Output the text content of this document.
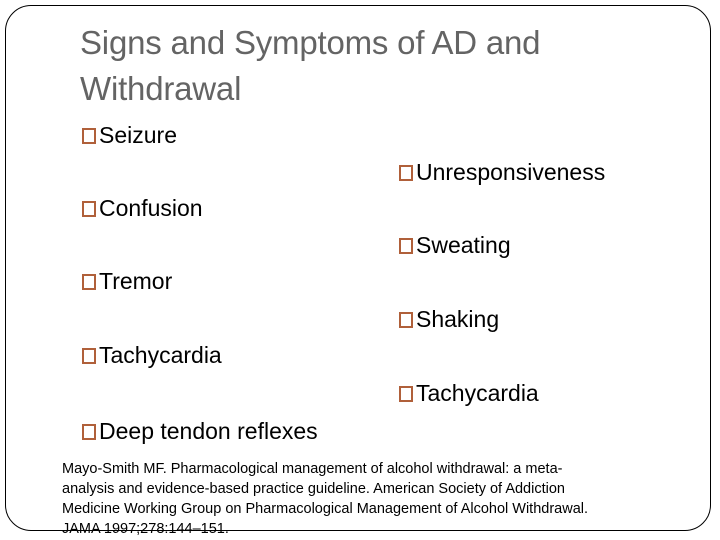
Signs and Symptoms of AD and Withdrawal
Seizure
Confusion
Tremor
Tachycardia
Deep tendon reflexes
Unresponsiveness
Sweating
Shaking
Tachycardia
Mayo-Smith MF. Pharmacological management of alcohol withdrawal: a meta-
analysis and evidence-based practice guideline. American Society of Addiction
Medicine Working Group on Pharmacological Management of Alcohol Withdrawal.
JAMA 1997;278:144–151.
